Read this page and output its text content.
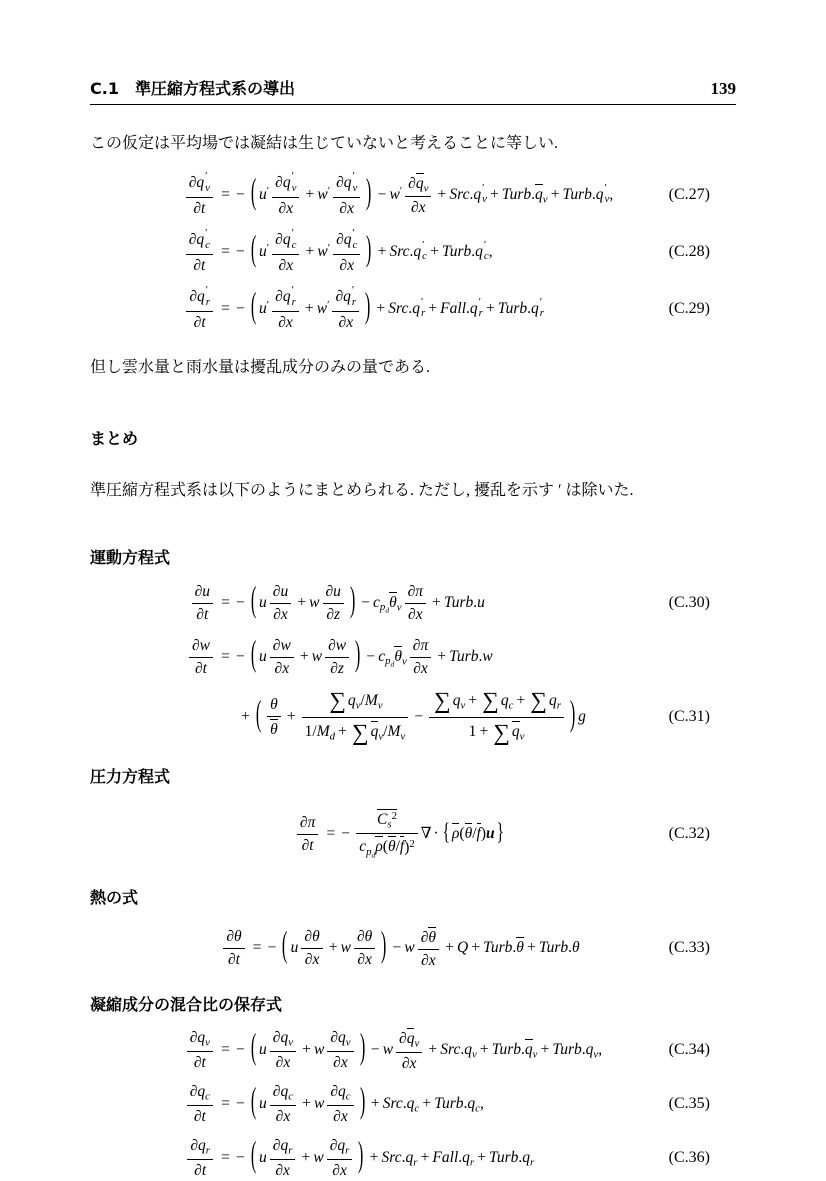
C.1　準圧縮方程式系の導出	139

この仮定は平均場では凝結は生じていないと考えることに等しい.

∂q ′
v
∂t = − ( u′ ∂q ′
v
∂x + w′ ∂q ′
v
∂x ) − $w' \frac{\partial q_v}{\partial x} + Src.q$ ′
$v + Turb.q_v$ + Turb.q ′
v ,	(C.27)
∂q ′
c
∂t = − ( u′ ∂q ′
c
∂x + w′ ∂q ′
c
∂x ) + Src.q ′
c + Turb.q ′
c ,	(C.28)
∂q ′
r
∂t = − ( u′ ∂q ′
r
∂x + w′ ∂q ′
r
∂x ) + Src.q ′
r + Fall.q ′
r + Turb.q ′
r	(C.29)

但し雲水量と雨水量は擾乱成分のみの量である.

まとめ

準圧縮方程式系は以下のようにまとめられる. ただし, 擾乱を示す ′ は除いた.

運動方程式

$\frac{\partial u}{\partial t}$ = − ( u $\frac{\partial u}{\partial x} + w \frac{\partial u}{\partial z}$ ) − $c_{p_d}\theta_v \frac{\partial\pi}{\partial x}$ + Turb.u	(C.30)
$\frac{\partial w}{\partial t}$ = − ( u $\frac{\partial w}{\partial x} + w \frac{\partial w}{\partial z}$ ) − $c_{p_d}\theta_v \frac{\partial\pi}{\partial x}$ + Turb.w
+ ( $\frac{\theta}{\theta} + \frac{\sum q_v/M_v}{1/M_d + \sum q_v/M_v} - \frac{\sum q_v + \sum q_c + \sum q_r}{1 + \sum q_v}$ ) g	(C.31)

圧力方程式

$\frac{\partial\pi}{\partial t}$ = −
$C_s^2$
$c_{p_d}\rho(\theta/f)^2$
∇ · { ρ(θ/f)u }	(C.32)

熱の式

$\frac{\partial\theta}{\partial t}$ = − ( u $\frac{\partial\theta}{\partial x} + w \frac{\partial\theta}{\partial x}$ ) − w $\frac{\partial\theta}{\partial x} + Q$ + Turb.θ + Turb.θ	(C.33)

凝縮成分の混合比の保存式

$\frac{\partial q_v}{\partial t}$ = − ( u $\frac{\partial q_v}{\partial x} + w \frac{\partial q_v}{\partial x}$ ) − w $\frac{\partial q_v}{\partial x} + Src.q_v$ + $Turb.q_v$ + $Turb.q_v$,	(C.34)
$\frac{\partial q_c}{\partial t}$ = − ( u $\frac{\partial q_c}{\partial x} + w \frac{\partial q_c}{\partial x}$ ) + $Src.q_c$ + $Turb.q_c$,	(C.35)
$\frac{\partial q_r}{\partial t}$ = − ( u $\frac{\partial q_r}{\partial x} + w \frac{\partial q_r}{\partial x}$ ) + $Src.q_r$ + $Fall.q_r$ + $Turb.q_r$	(C.36)
